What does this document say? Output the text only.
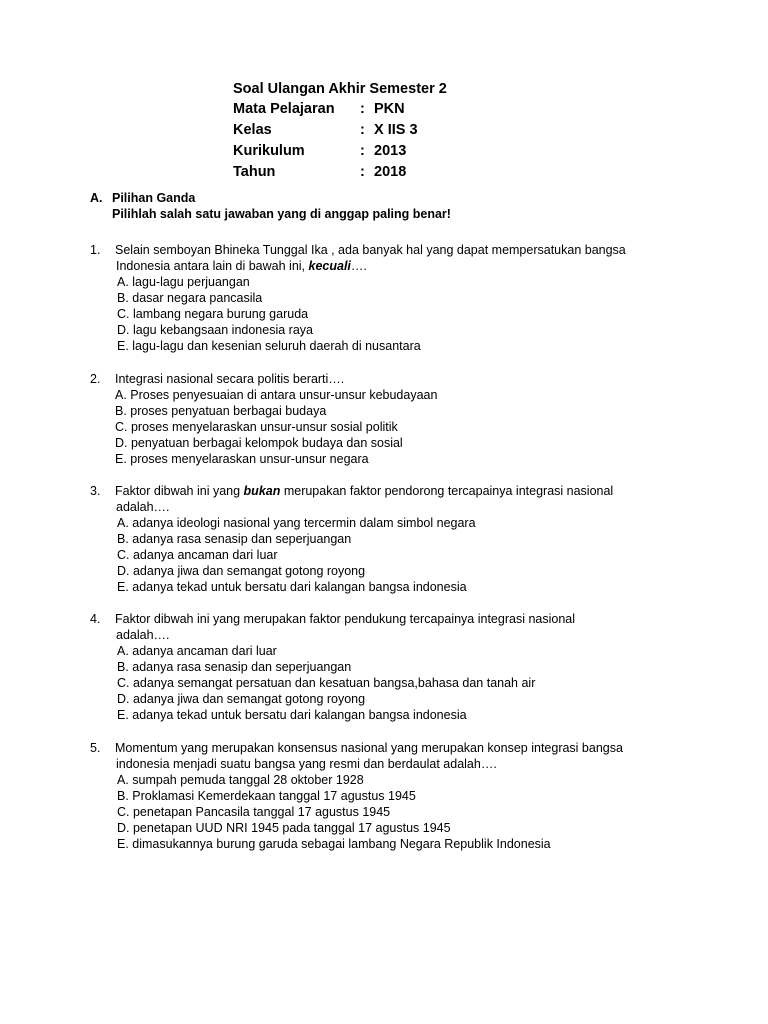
Soal Ulangan Akhir Semester 2
Mata Pelajaran : PKN
Kelas	: X IIS 3
Kurikulum	: 2013
Tahun	: 2018
A. Pilihan Ganda
Pilihlah salah satu jawaban yang di anggap paling benar!
1. Selain semboyan Bhineka Tunggal Ika , ada banyak hal yang dapat mempersatukan bangsa
Indonesia antara lain di bawah ini, kecuali….
A. lagu-lagu perjuangan
B. dasar negara pancasila
C. lambang negara burung garuda
D. lagu kebangsaan indonesia raya
E. lagu-lagu dan kesenian seluruh daerah di nusantara
2. Integrasi nasional secara politis berarti….
A. Proses penyesuaian di antara unsur-unsur kebudayaan
B. proses penyatuan berbagai budaya
C. proses menyelaraskan unsur-unsur sosial politik
D. penyatuan berbagai kelompok budaya dan sosial
E. proses menyelaraskan unsur-unsur negara
3. Faktor dibwah ini yang bukan merupakan faktor pendorong tercapainya integrasi nasional
adalah….
A. adanya ideologi nasional yang tercermin dalam simbol negara
B. adanya rasa senasip dan seperjuangan
C. adanya ancaman dari luar
D. adanya jiwa dan semangat gotong royong
E. adanya tekad untuk bersatu dari kalangan bangsa indonesia
4. Faktor dibwah ini yang merupakan faktor pendukung tercapainya integrasi nasional
adalah….
A. adanya ancaman dari luar
B. adanya rasa senasip dan seperjuangan
C. adanya semangat persatuan dan kesatuan bangsa,bahasa dan tanah air
D. adanya jiwa dan semangat gotong royong
E. adanya tekad untuk bersatu dari kalangan bangsa indonesia
5. Momentum yang merupakan konsensus nasional yang merupakan konsep integrasi bangsa
indonesia menjadi suatu bangsa yang resmi dan berdaulat adalah….
A. sumpah pemuda tanggal 28 oktober 1928
B. Proklamasi Kemerdekaan tanggal 17 agustus 1945
C. penetapan Pancasila tanggal 17 agustus 1945
D. penetapan UUD NRI 1945 pada tanggal 17 agustus 1945
E. dimasukannya burung garuda sebagai lambang Negara Republik Indonesia
